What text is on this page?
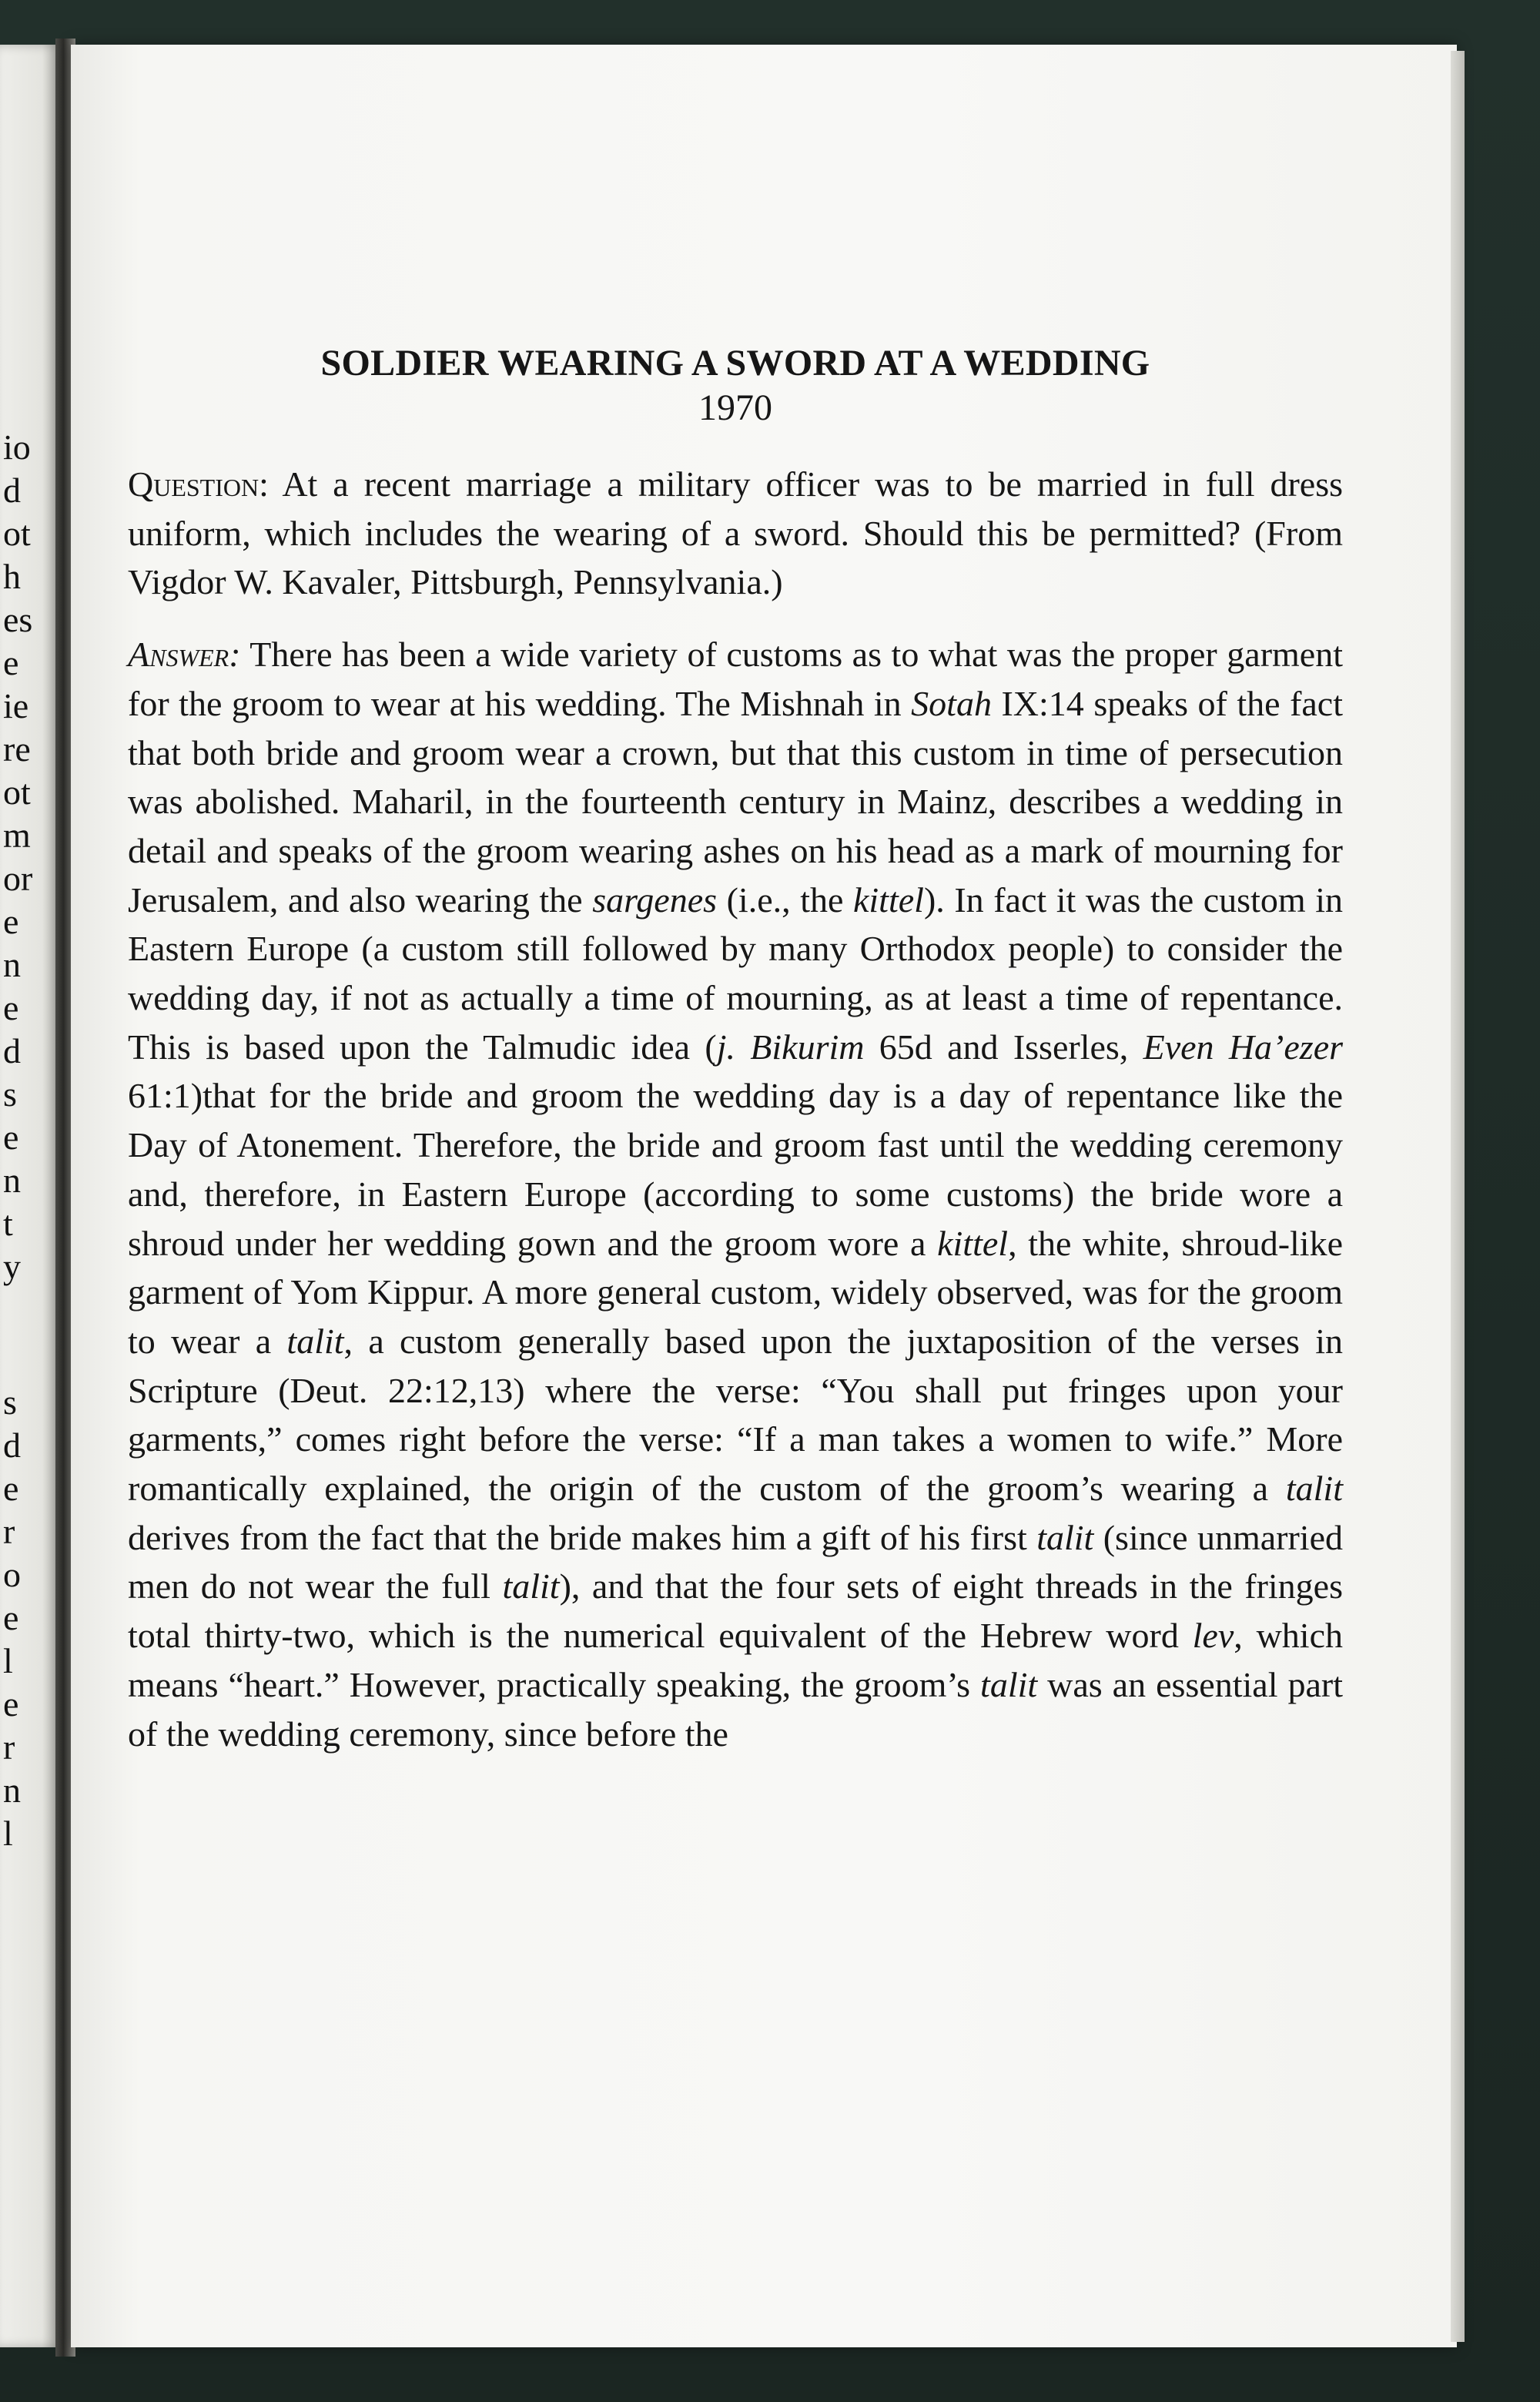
io
d
ot
h
es
e
ie
re
ot
m
or
e
n
e
d
s
e
n
t
y
s
d
e
r
o
e
l
e
r
n
l
SOLDIER WEARING A SWORD AT A WEDDING
1970

Question: At a recent marriage a military officer was to be married in full dress uniform, which includes the wearing of a sword. Should this be permitted? (From Vigdor W. Kavaler, Pittsburgh, Pennsylvania.)

Answer: There has been a wide variety of customs as to what was the proper garment for the groom to wear at his wedding. The Mishnah in Sotah IX:14 speaks of the fact that both bride and groom wear a crown, but that this custom in time of persecution was abolished. Maharil, in the fourteenth century in Mainz, describes a wedding in detail and speaks of the groom wearing ashes on his head as a mark of mourning for Jerusalem, and also wearing the sargenes (i.e., the kittel). In fact it was the custom in Eastern Europe (a custom still followed by many Orthodox people) to consider the wedding day, if not as actually a time of mourning, as at least a time of repentance. This is based upon the Talmudic idea (j. Bikurim 65d and Isserles, Even Ha’ezer 61:1)that for the bride and groom the wedding day is a day of repentance like the Day of Atonement. Therefore, the bride and groom fast until the wedding ceremony and, therefore, in Eastern Europe (according to some customs) the bride wore a shroud under her wedding gown and the groom wore a kittel, the white, shroud-like garment of Yom Kippur. A more general custom, widely observed, was for the groom to wear a talit, a custom generally based upon the juxtaposition of the verses in Scripture (Deut. 22:12,13) where the verse: “You shall put fringes upon your garments,” comes right before the verse: “If a man takes a women to wife.” More romantically explained, the origin of the custom of the groom’s wearing a talit derives from the fact that the bride makes him a gift of his first talit (since unmarried men do not wear the full talit), and that the four sets of eight threads in the fringes total thirty-two, which is the numerical equivalent of the Hebrew word lev, which means “heart.” However, practically speaking, the groom’s talit was an essential part of the wedding ceremony, since before the
